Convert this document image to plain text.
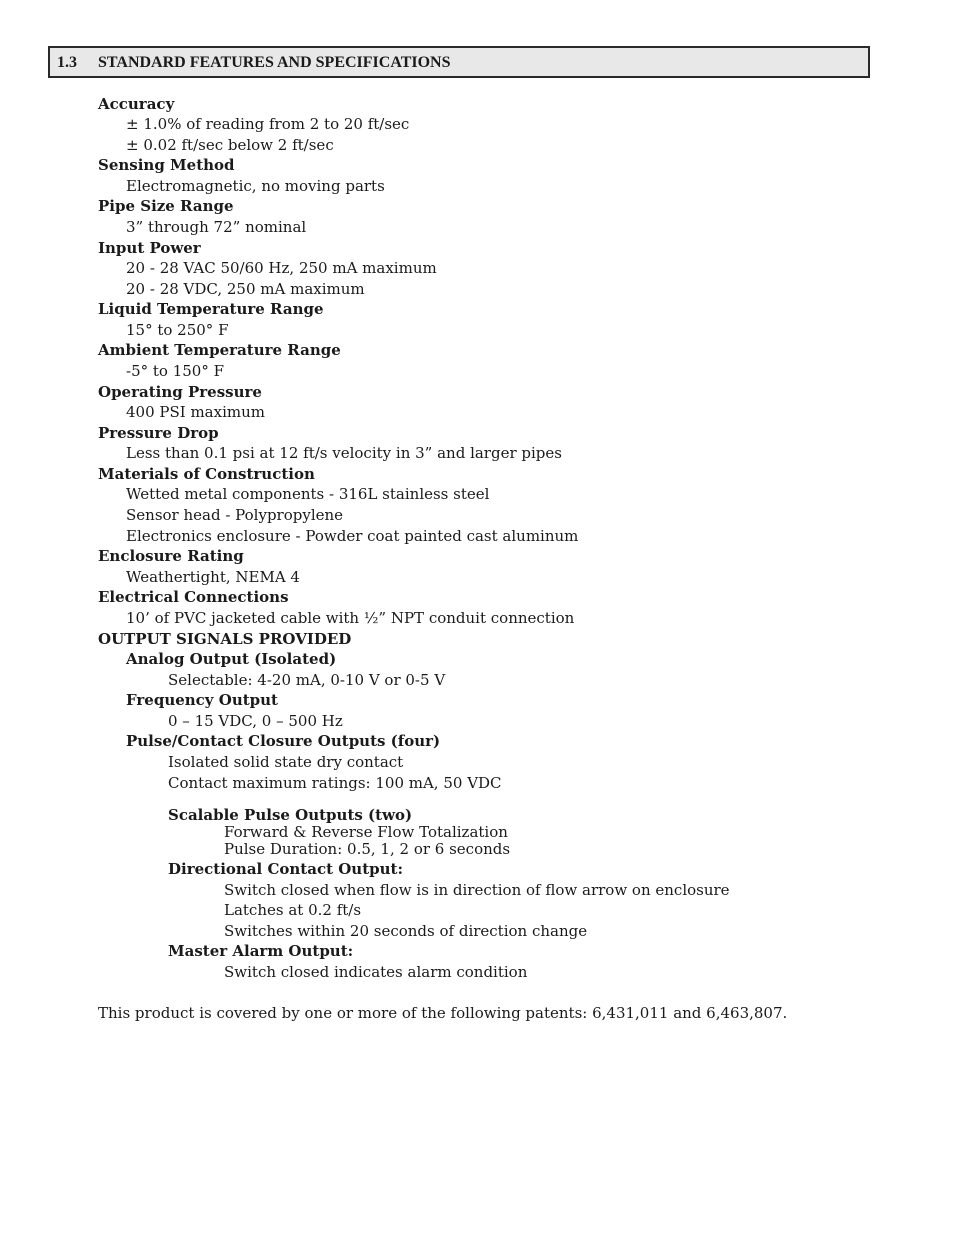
1.3 STANDARD FEATURES AND SPECIFICATIONS
Accuracy
± 1.0% of reading from 2 to 20 ft/sec
± 0.02 ft/sec below 2 ft/sec
Sensing Method
Electromagnetic, no moving parts
Pipe Size Range
3” through 72” nominal
Input Power
20 - 28 VAC 50/60 Hz, 250 mA maximum
20 - 28 VDC, 250 mA maximum
Liquid Temperature Range
15° to 250° F
Ambient Temperature Range
-5° to 150° F
Operating Pressure
400 PSI maximum
Pressure Drop
Less than 0.1 psi at 12 ft/s velocity in 3” and larger pipes
Materials of Construction
Wetted metal components - 316L stainless steel
Sensor head - Polypropylene
Electronics enclosure - Powder coat painted cast aluminum
Enclosure Rating
Weathertight, NEMA 4
Electrical Connections
10’ of PVC jacketed cable with ½” NPT conduit connection
OUTPUT SIGNALS PROVIDED
Analog Output (Isolated)
Selectable: 4-20 mA, 0-10 V or 0-5 V
Frequency Output
0 – 15 VDC, 0 – 500 Hz
Pulse/Contact Closure Outputs (four)
Isolated solid state dry contact
Contact maximum ratings: 100 mA, 50 VDC
Scalable Pulse Outputs (two)
Forward & Reverse Flow Totalization
Pulse Duration: 0.5, 1, 2 or 6 seconds
Directional Contact Output:
Switch closed when flow is in direction of flow arrow on enclosure
Latches at 0.2 ft/s
Switches within 20 seconds of direction change
Master Alarm Output:
Switch closed indicates alarm condition
This product is covered by one or more of the following patents: 6,431,011 and 6,463,807.
